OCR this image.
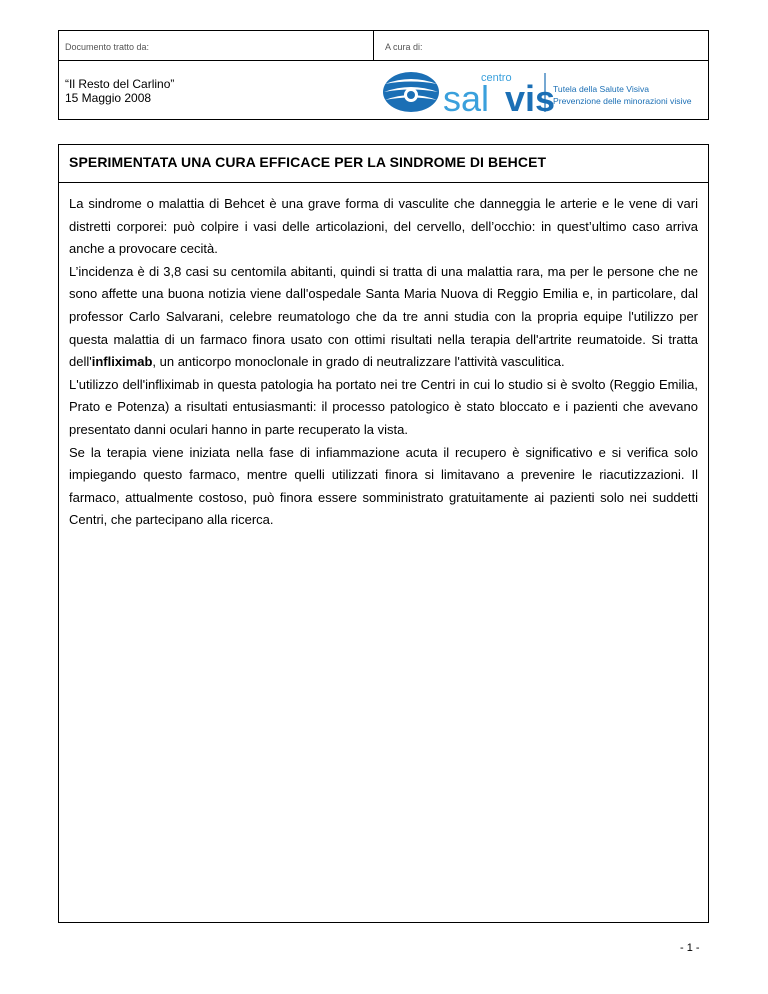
Documento tratto da:	A cura di:
“Il Resto del Carlino”
15 Maggio 2008
centro
sal vis
Tutela della Salute Visiva
Prevenzione delle minorazioni visive
SPERIMENTATA UNA CURA EFFICACE PER LA SINDROME DI BEHCET

La sindrome o malattia di Behcet è una grave forma di vasculite che danneggia le arterie e le vene di vari distretti corporei: può colpire i vasi delle articolazioni, del cervello, dell’occhio: in quest’ultimo caso arriva anche a provocare cecità.

L’incidenza è di 3,8 casi su centomila abitanti, quindi si tratta di una malattia rara, ma per le persone che ne sono affette una buona notizia viene dall'ospedale Santa Maria Nuova di Reggio Emilia e, in particolare, dal professor Carlo Salvarani, celebre reumatologo che da tre anni studia con la propria equipe l'utilizzo per questa malattia di un farmaco finora usato con ottimi risultati nella terapia dell'artrite reumatoide. Si tratta dell'infliximab, un anticorpo monoclonale in grado di neutralizzare l'attività vasculitica.

L'utilizzo dell'infliximab in questa patologia ha portato nei tre Centri in cui lo studio si è svolto (Reggio Emilia, Prato e Potenza) a risultati entusiasmanti: il processo patologico è stato bloccato e i pazienti che avevano presentato danni oculari hanno in parte recuperato la vista.

Se la terapia viene iniziata nella fase di infiammazione acuta il recupero è significativo e si verifica solo impiegando questo farmaco, mentre quelli utilizzati finora si limitavano a prevenire le riacutizzazioni. Il farmaco, attualmente costoso, può finora essere somministrato gratuitamente ai pazienti solo nei suddetti Centri, che partecipano alla ricerca.

- 1 -
